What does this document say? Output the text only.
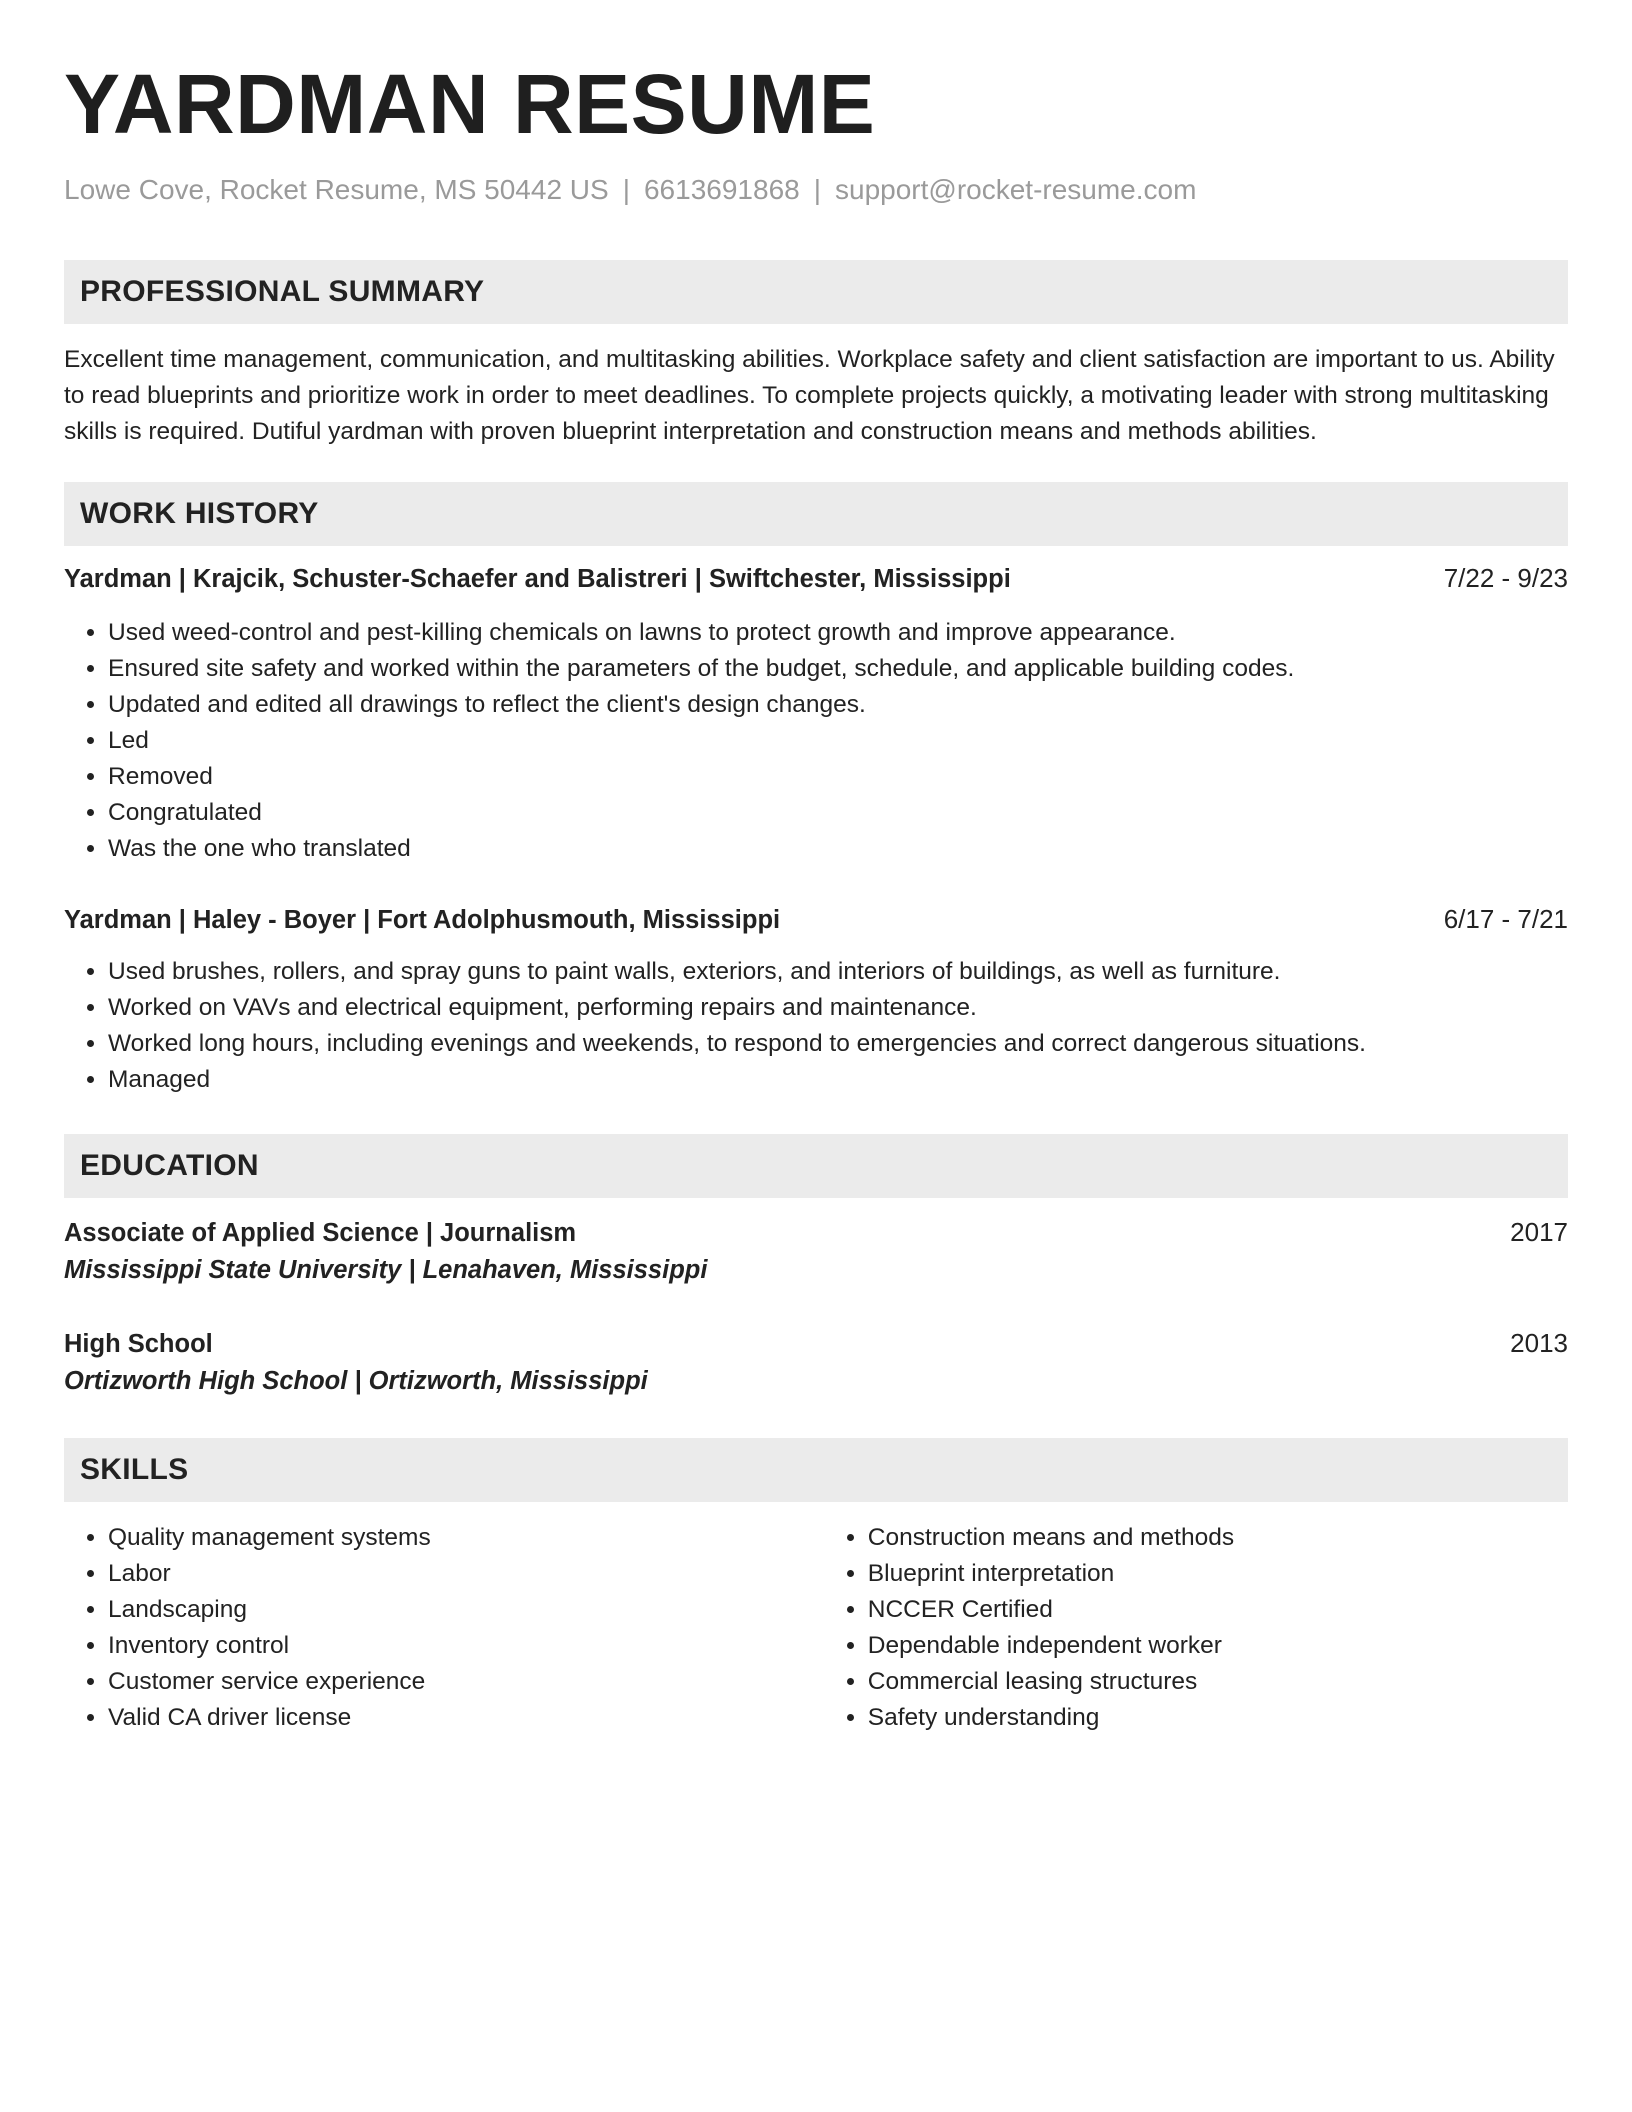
YARDMAN RESUME
Lowe Cove, Rocket Resume, MS 50442 US | 6613691868 | support@rocket-resume.com
PROFESSIONAL SUMMARY
Excellent time management, communication, and multitasking abilities. Workplace safety and client satisfaction are important to us. Ability to read blueprints and prioritize work in order to meet deadlines. To complete projects quickly, a motivating leader with strong multitasking skills is required. Dutiful yardman with proven blueprint interpretation and construction means and methods abilities.
WORK HISTORY
Yardman | Krajcik, Schuster-Schaefer and Balistreri | Swiftchester, Mississippi	7/22 - 9/23
• Used weed-control and pest-killing chemicals on lawns to protect growth and improve appearance.
• Ensured site safety and worked within the parameters of the budget, schedule, and applicable building codes.
• Updated and edited all drawings to reflect the client's design changes.
• Led
• Removed
• Congratulated
• Was the one who translated
Yardman | Haley - Boyer | Fort Adolphusmouth, Mississippi	6/17 - 7/21
• Used brushes, rollers, and spray guns to paint walls, exteriors, and interiors of buildings, as well as furniture.
• Worked on VAVs and electrical equipment, performing repairs and maintenance.
• Worked long hours, including evenings and weekends, to respond to emergencies and correct dangerous situations.
• Managed
EDUCATION
Associate of Applied Science | Journalism	2017
Mississippi State University | Lenahaven, Mississippi
High School	2013
Ortizworth High School | Ortizworth, Mississippi
SKILLS
• Quality management systems
• Labor
• Landscaping
• Inventory control
• Customer service experience
• Valid CA driver license
• Construction means and methods
• Blueprint interpretation
• NCCER Certified
• Dependable independent worker
• Commercial leasing structures
• Safety understanding
